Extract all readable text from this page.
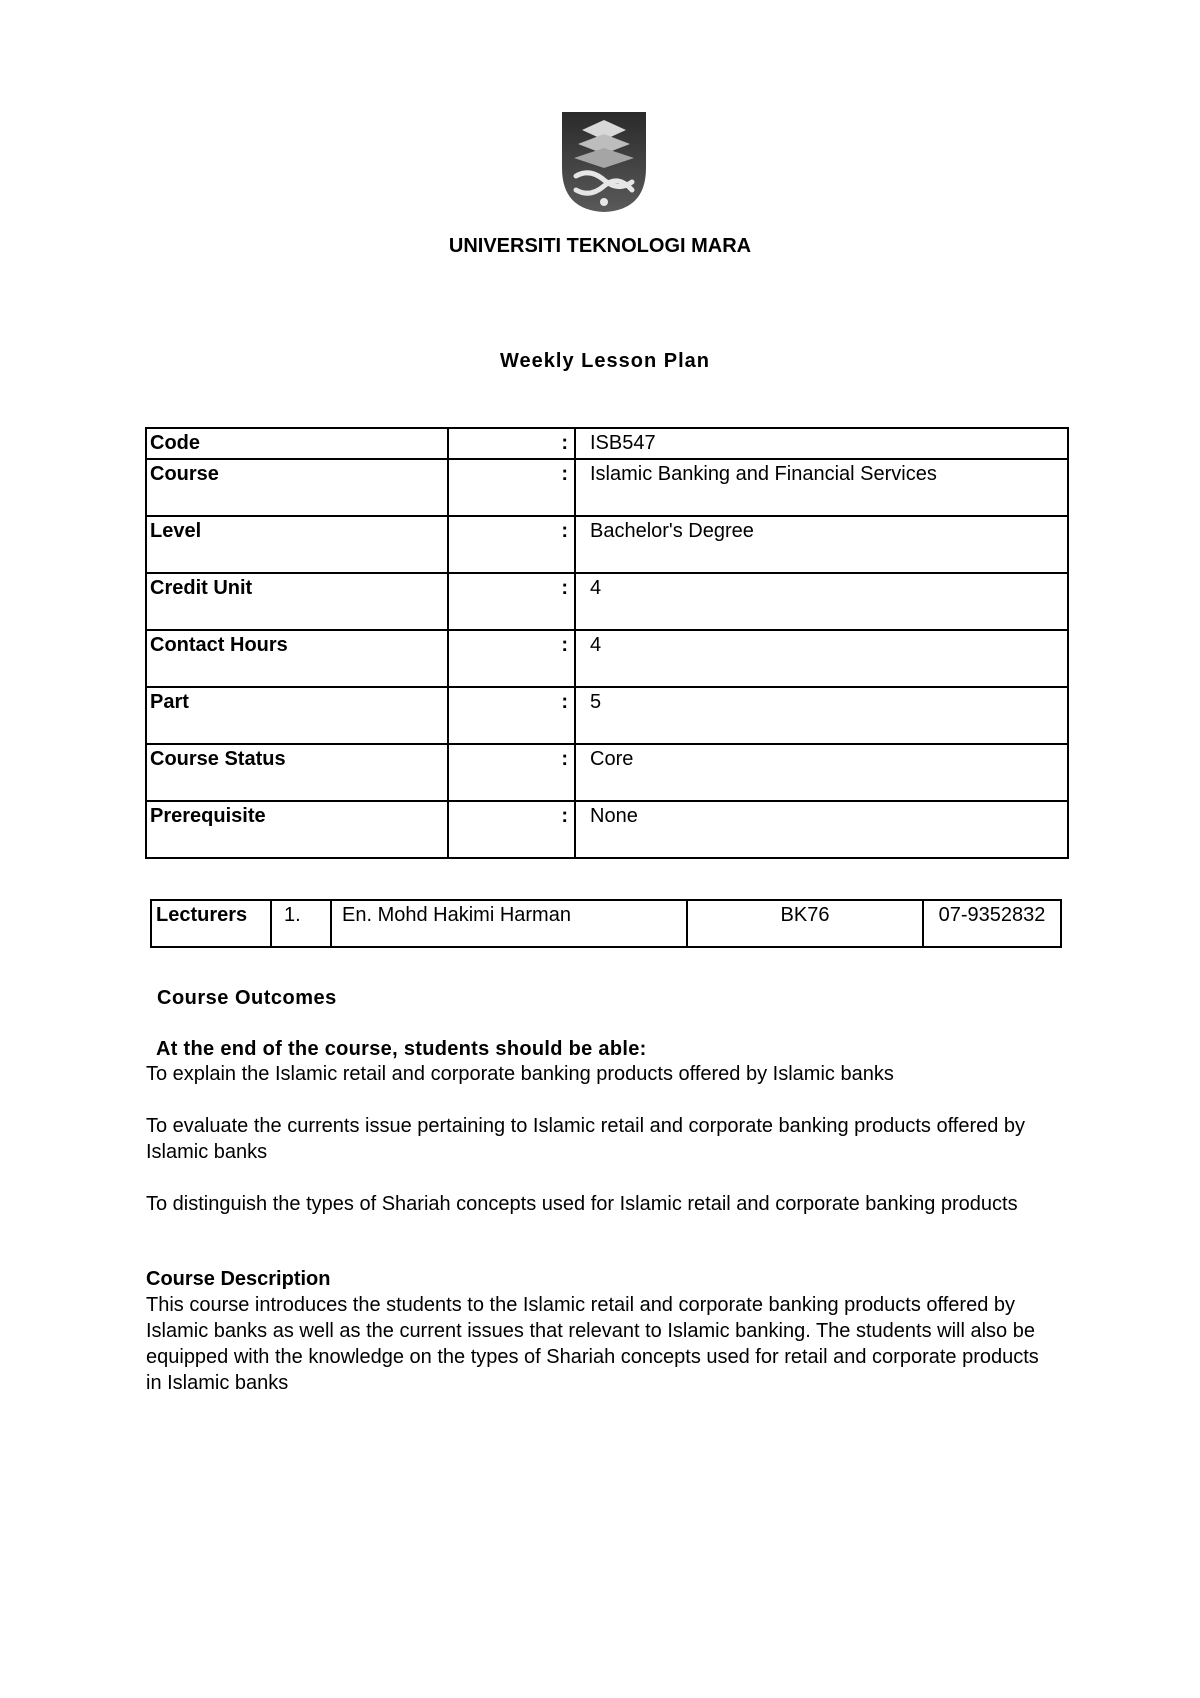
UNIVERSITI TEKNOLOGI MARA
Weekly Lesson Plan
Code	:	ISB547
Course	:	Islamic Banking and Financial Services
Level	:	Bachelor's Degree
Credit Unit	:	4
Contact Hours	:	4
Part	:	5
Course Status	:	Core
Prerequisite	:	None
Lecturers	1.	En. Mohd Hakimi Harman	BK76	07-9352832
Course Outcomes
At the end of the course, students should be able:
To explain the Islamic retail and corporate banking products offered by Islamic banks
To evaluate the currents issue pertaining to Islamic retail and corporate banking products offered by Islamic banks
To distinguish the types of Shariah concepts used for Islamic retail and corporate banking products
Course Description
This course introduces the students to the Islamic retail and corporate banking products offered by Islamic banks as well as the current issues that relevant to Islamic banking. The students will also be equipped with the knowledge on the types of Shariah concepts used for retail and corporate products in Islamic banks
